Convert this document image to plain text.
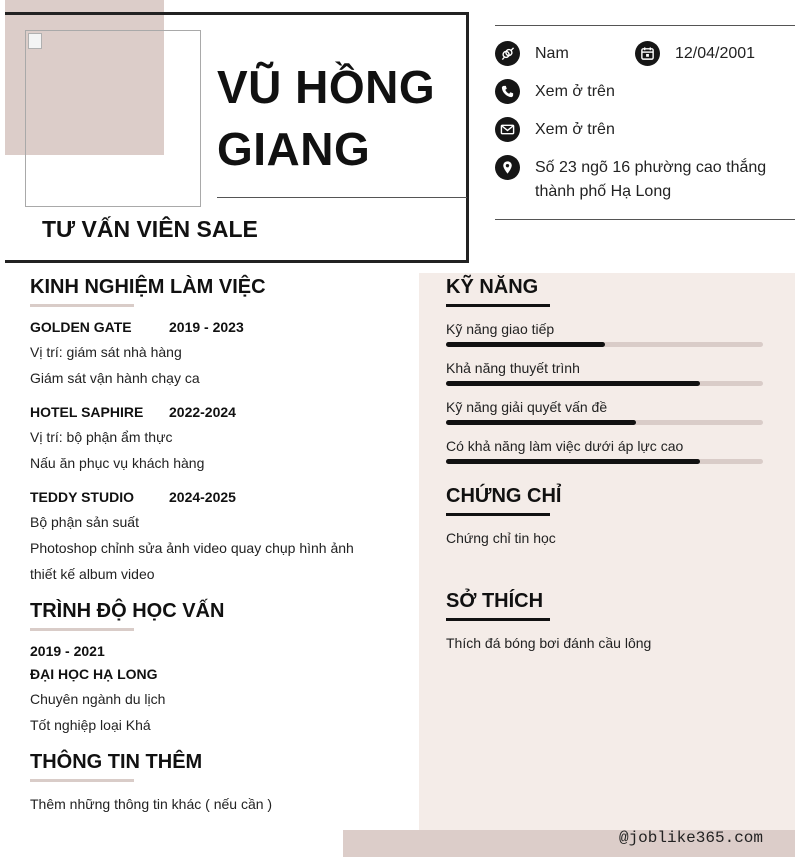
VŨ HỒNG
GIANG
TƯ VẤN VIÊN SALE
Nam	12/04/2001
Xem ở trên
Xem ở trên
Số 23 ngõ 16 phường cao thắng
thành phố Hạ Long
KINH NGHIỆM LÀM VIỆC
GOLDEN GATE	2019 - 2023
Vị trí: giám sát nhà hàng
Giám sát vận hành chạy ca
HOTEL SAPHIRE 2022-2024
Vị trí: bộ phận ẩm thực
Nấu ăn phục vụ khách hàng
TEDDY STUDIO	2024-2025
Bộ phận sản suất
Photoshop chỉnh sửa ảnh video quay chụp hình ảnh
thiết kế album video
TRÌNH ĐỘ HỌC VẤN
2019 - 2021
ĐẠI HỌC HẠ LONG
Chuyên ngành du lịch
Tốt nghiệp loại Khá
THÔNG TIN THÊM
Thêm những thông tin khác ( nếu cần )
KỸ NĂNG
Kỹ năng giao tiếp
Khả năng thuyết trình
Kỹ năng giải quyết vấn đề
Có khả năng làm việc dưới áp lực cao
CHỨNG CHỈ
Chứng chỉ tin học
SỞ THÍCH
Thích đá bóng bơi đánh cầu lông
@joblike365.com
